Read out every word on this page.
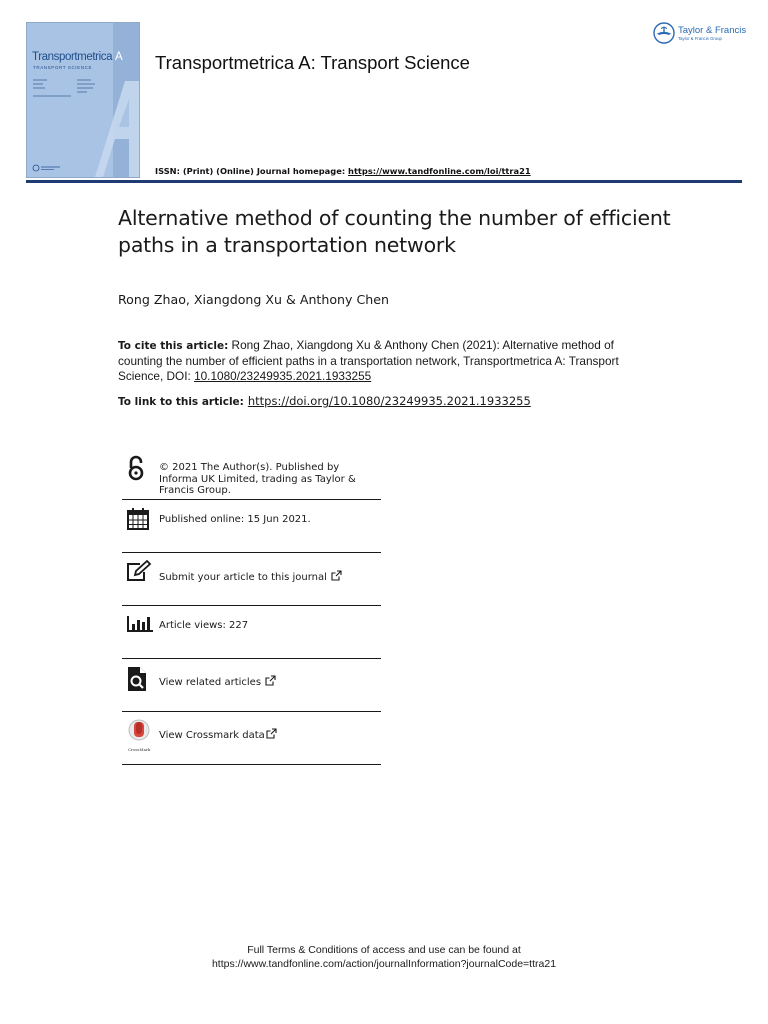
Transportmetrica A
TRANSPORT SCIENCE	Transportmetrica A: Transport Science
Taylor & Francis
Taylor & Francis Group
ISSN: (Print) (Online) Journal homepage: https://www.tandfonline.com/loi/ttra21
Alternative method of counting the number of efficient paths in a transportation network
Rong Zhao, Xiangdong Xu & Anthony Chen
To cite this article: Rong Zhao, Xiangdong Xu & Anthony Chen (2021): Alternative method of counting the number of efficient paths in a transportation network, Transportmetrica A: Transport Science, DOI: 10.1080/23249935.2021.1933255
To link to this article: https://doi.org/10.1080/23249935.2021.1933255
© 2021 The Author(s). Published by Informa UK Limited, trading as Taylor & Francis Group.
Published online: 15 Jun 2021.
Submit your article to this journal
Article views: 227
View related articles
CrossMark
View Crossmark data
Full Terms & Conditions of access and use can be found at
https://www.tandfonline.com/action/journalInformation?journalCode=ttra21
